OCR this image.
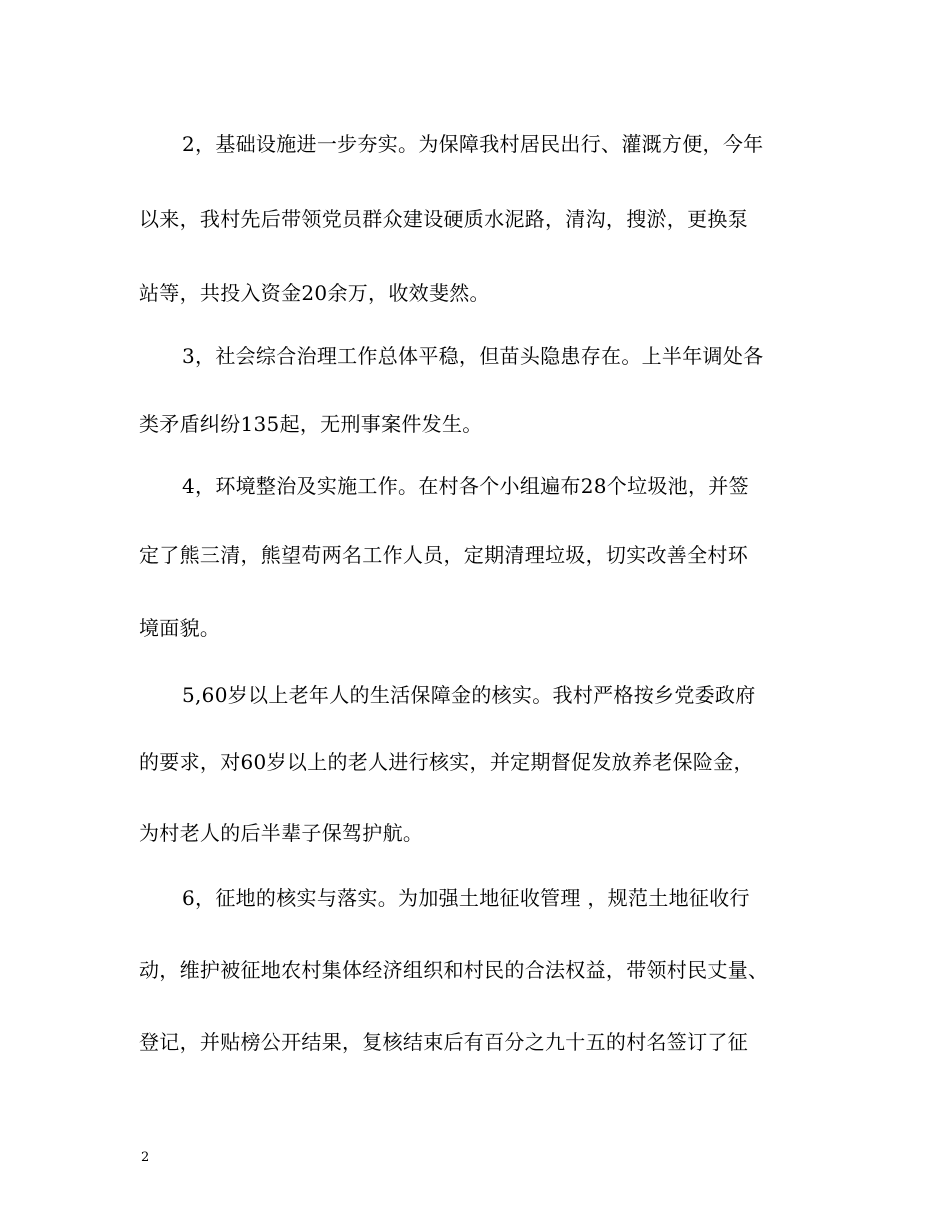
2，基础设施进一步夯实。为保障我村居民出行、灌溉方便，今年
以来，我村先后带领党员群众建设硬质水泥路，清沟，搜淤，更换泵
站等，共投入资金20余万，收效斐然。
3，社会综合治理工作总体平稳，但苗头隐患存在。上半年调处各
类矛盾纠纷135起，无刑事案件发生。
4，环境整治及实施工作。在村各个小组遍布28个垃圾池，并签
定了熊三清，熊望苟两名工作人员，定期清理垃圾，切实改善全村环
境面貌。
5,60岁以上老年人的生活保障金的核实。我村严格按乡党委政府
的要求，对60岁以上的老人进行核实，并定期督促发放养老保险金，
为村老人的后半辈子保驾护航。
6，征地的核实与落实。为加强土地征收管理 ，规范土地征收行
动，维护被征地农村集体经济组织和村民的合法权益，带领村民丈量、
登记，并贴榜公开结果，复核结束后有百分之九十五的村名签订了征
2
